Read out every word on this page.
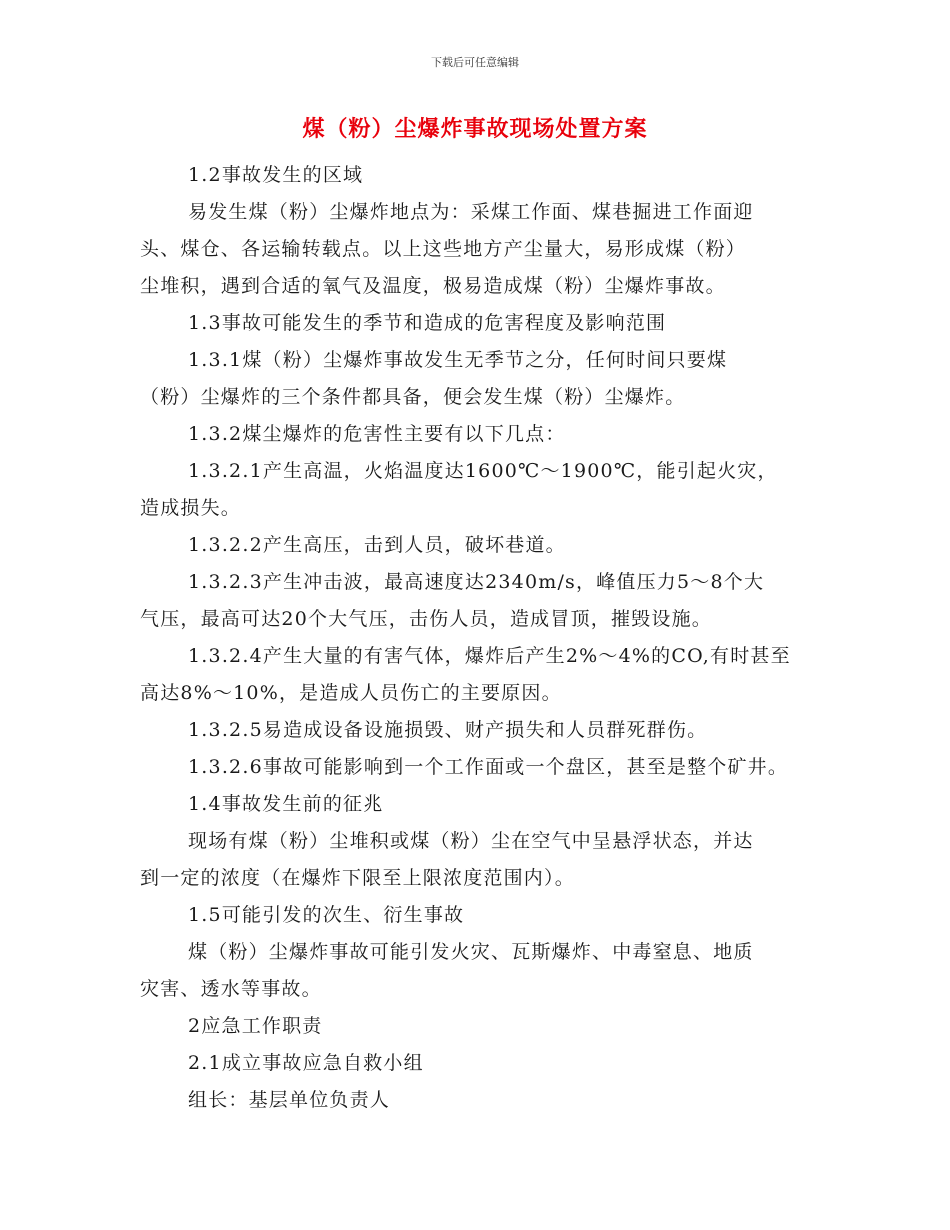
下载后可任意编辑
煤（粉）尘爆炸事故现场处置方案
1.2事故发生的区域
易发生煤（粉）尘爆炸地点为：采煤工作面、煤巷掘进工作面迎
头、煤仓、各运输转载点。以上这些地方产尘量大，易形成煤（粉）
尘堆积，遇到合适的氧气及温度，极易造成煤（粉）尘爆炸事故。
1.3事故可能发生的季节和造成的危害程度及影响范围
1.3.1煤（粉）尘爆炸事故发生无季节之分，任何时间只要煤
（粉）尘爆炸的三个条件都具备，便会发生煤（粉）尘爆炸。
1.3.2煤尘爆炸的危害性主要有以下几点：
1.3.2.1产生高温，火焰温度达1600℃～1900℃，能引起火灾，
造成损失。
1.3.2.2产生高压，击到人员，破坏巷道。
1.3.2.3产生冲击波，最高速度达2340m/s，峰值压力5～8个大
气压，最高可达20个大气压，击伤人员，造成冒顶，摧毁设施。
1.3.2.4产生大量的有害气体，爆炸后产生2%～4%的CO,有时甚至
高达8%～10%，是造成人员伤亡的主要原因。
1.3.2.5易造成设备设施损毁、财产损失和人员群死群伤。
1.3.2.6事故可能影响到一个工作面或一个盘区，甚至是整个矿井。
1.4事故发生前的征兆
现场有煤（粉）尘堆积或煤（粉）尘在空气中呈悬浮状态，并达
到一定的浓度（在爆炸下限至上限浓度范围内）。
1.5可能引发的次生、衍生事故
煤（粉）尘爆炸事故可能引发火灾、瓦斯爆炸、中毒窒息、地质
灾害、透水等事故。
2应急工作职责
2.1成立事故应急自救小组
组长：基层单位负责人
